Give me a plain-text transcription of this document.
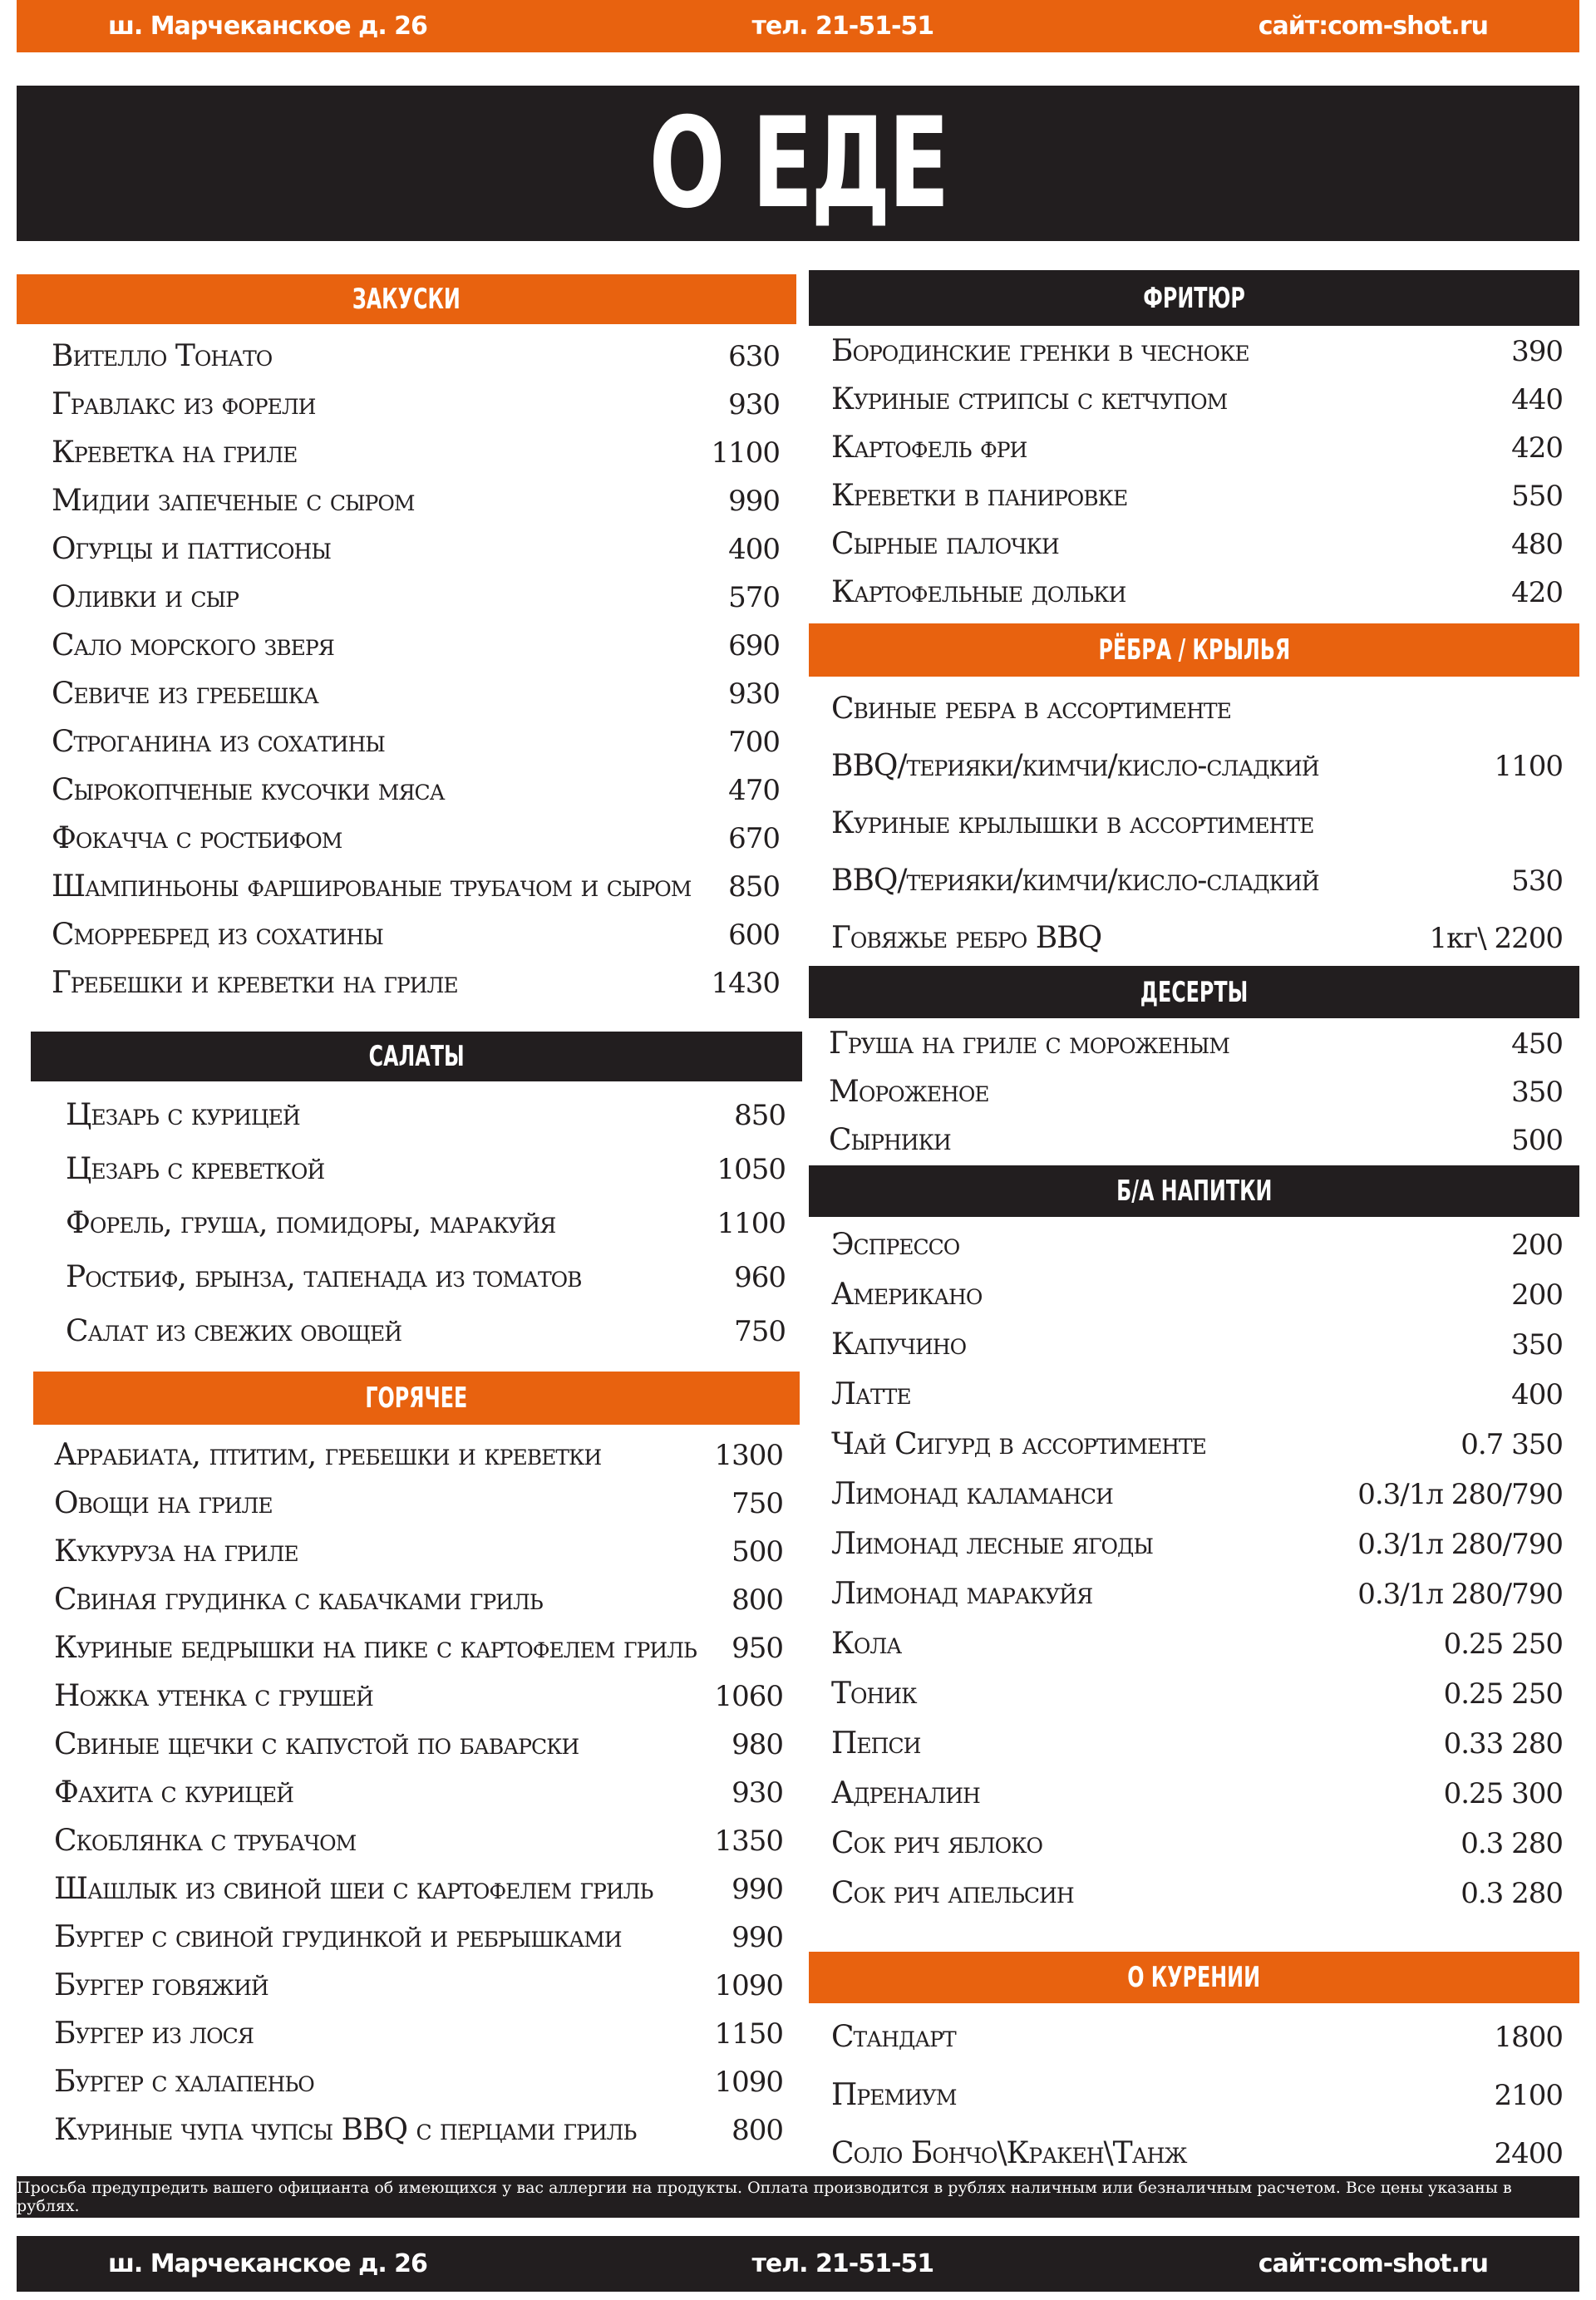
ш. Марчеканское д. 26	тел. 21-51-51	сайт:com-shot.ru
О ЕДЕ
ЗАКУСКИ
Вителло Тонато	630
Гравлакс из форели	930
Креветка на гриле	1100
Мидии запеченые с сыром	990
Огурцы и паттисоны	400
Оливки и сыр	570
Сало морского зверя	690
Севиче из гребешка	930
Строганина из сохатины	700
Сырокопченые кусочки мяса	470
Фокачча с ростбифом	670
Шампиньоны фаршированые трубачом и сыром 850
Сморребред из сохатины	600
Гребешки и креветки на гриле	1430
САЛАТЫ
Цезарь с курицей	850
Цезарь с креветкой	1050
Форель, груша, помидоры, маракуйя	1100
Ростбиф, брынза, тапенада из томатов	960
Салат из свежих овощей	750
ГОРЯЧЕЕ
Аррабиата, птитим, гребешки и креветки	1300
Овощи на гриле	750
Кукуруза на гриле	500
Свиная грудинка с кабачками гриль	800
Куриные бедрышки на пике с картофелем гриль 950
Ножка утенка с грушей	1060
Свиные щечки с капустой по баварски	980
Фахита с курицей	930
Скоблянка с трубачом	1350
Шашлык из свиной шеи с картофелем гриль	990
Бургер с свиной грудинкой и ребрышками	990
Бургер говяжий	1090
Бургер из лося	1150
Бургер с халапеньо	1090
Куриные чупа чупсы BBQ с перцами гриль	800
ФРИТЮР
Бородинские гренки в чесноке	390
Куриные стрипсы с кетчупом	440
Картофель фри	420
Креветки в панировке	550
Сырные палочки	480
Картофельные дольки	420
РЁБРА / КРЫЛЬЯ
Свиные ребра в ассортименте
BBQ/терияки/кимчи/кисло-сладкий	1100
Куриные крылышки в ассортименте
BBQ/терияки/кимчи/кисло-сладкий	530
Говяжье ребро BBQ	1кг\ 2200
ДЕСЕРТЫ
Груша на гриле с мороженым	450
Мороженое	350
Сырники	500
Б/А НАПИТКИ
Эспрессо	200
Американо	200
Капучино	350
Латте	400
Чай Сигурд в ассортименте	0.7 350
Лимонад каламанси	0.3/1л 280/790
Лимонад лесные ягоды	0.3/1л 280/790
Лимонад маракуйя	0.3/1л 280/790
Кола	0.25 250
Тоник	0.25 250
Пепси	0.33 280
Адреналин	0.25 300
Сок рич яблоко	0.3 280
Сок рич апельсин	0.3 280
О КУРЕНИИ
Стандарт	1800
Премиум	2100
Соло Бончо\Кракен\Танж	2400
Просьба предупредить вашего официанта об имеющихся у вас аллергии на продукты. Оплата производится в рублях наличным или безналичным расчетом. Все цены указаны в рублях.
ш. Марчеканское д. 26	тел. 21-51-51	сайт:com-shot.ru
